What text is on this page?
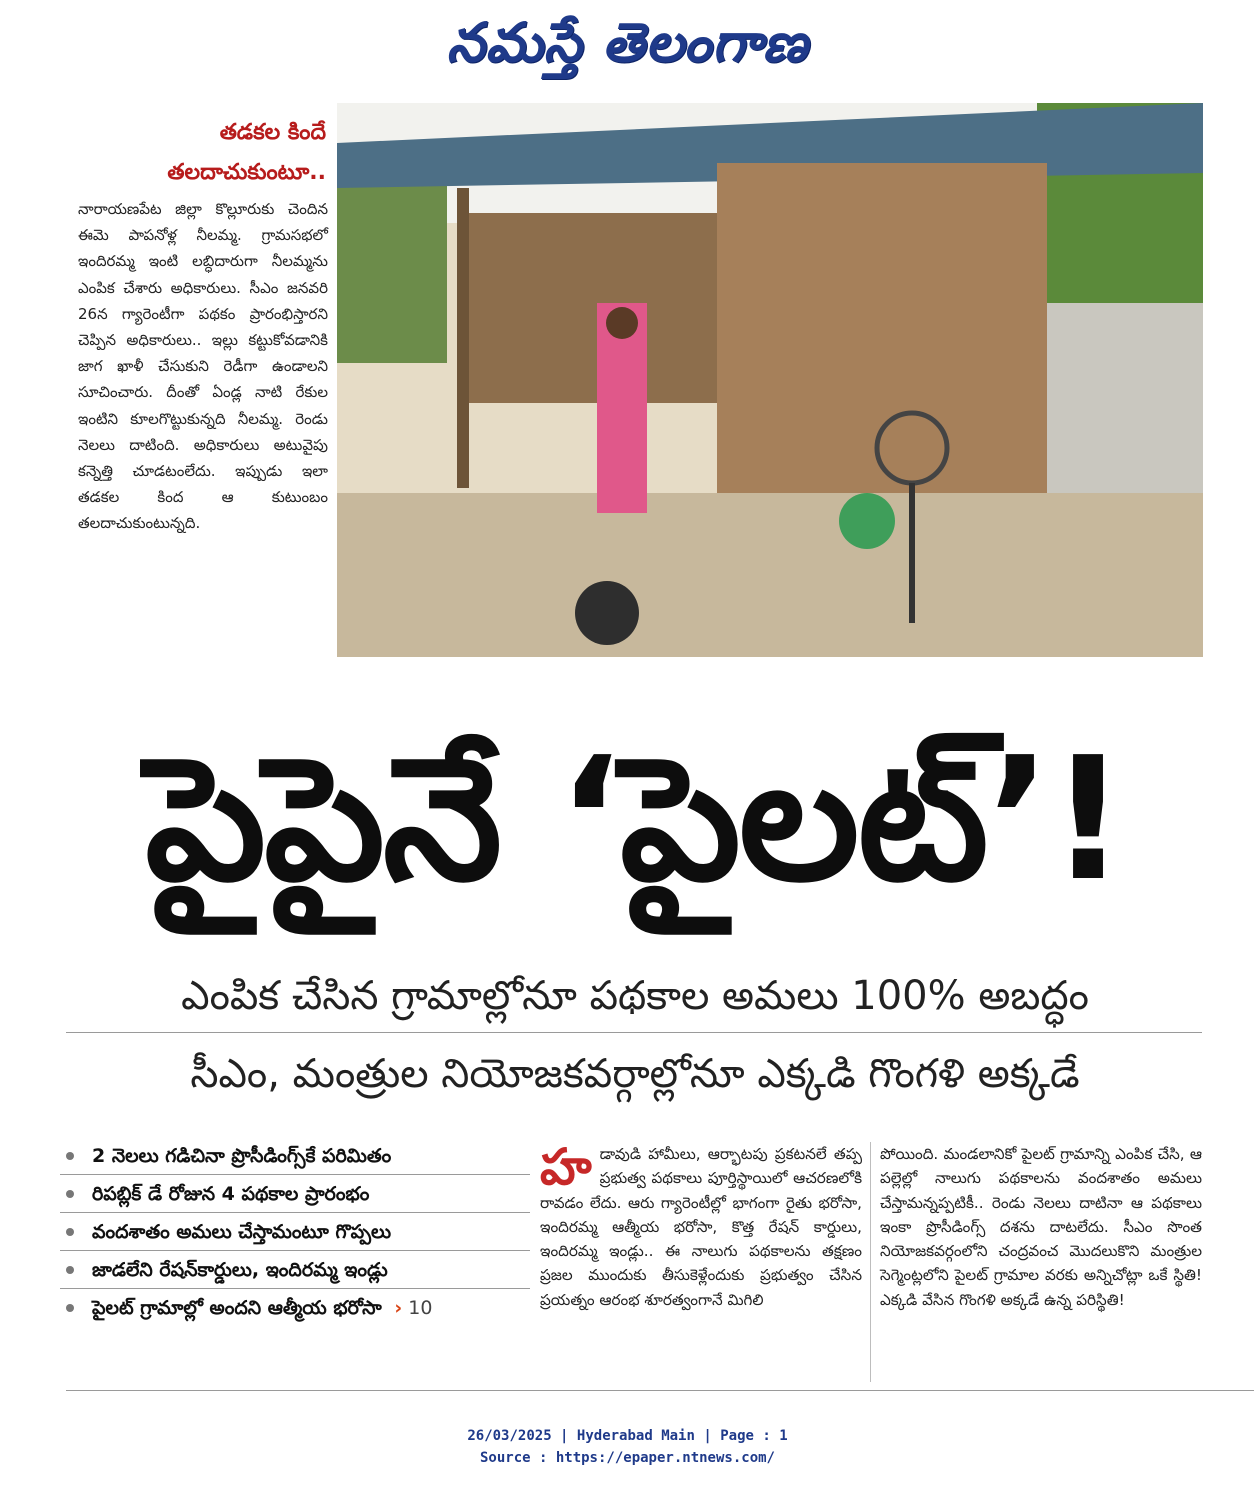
నమస్తే తెలంగాణ
తడకల కిందే
తలదాచుకుంటూ..
నారాయణపేట జిల్లా కొల్లూరుకు చెందిన ఈమె పాపనోళ్ల నీలమ్మ. గ్రామసభలో ఇందిరమ్మ ఇంటి లబ్ధిదారుగా నీలమ్మను ఎంపిక చేశారు అధికారులు. సీఎం జనవరి 26న గ్యారెంటీగా పథకం ప్రారంభిస్తారని చెప్పిన అధికారులు.. ఇల్లు కట్టుకోవడానికి జాగ ఖాళీ చేసుకుని రెడీగా ఉండాలని సూచించారు. దీంతో ఏండ్ల నాటి రేకుల ఇంటిని కూలగొట్టుకున్నది నీలమ్మ. రెండు నెలలు దాటింది. అధికారులు అటువైపు కన్నెత్తి చూడటంలేదు. ఇప్పుడు ఇలా తడకల కింద ఆ కుటుంబం తలదాచుకుంటున్నది.
పైపైనే ‘పైలట్’!
ఎంపిక చేసిన గ్రామాల్లోనూ పథకాల అమలు 100% అబద్ధం
సీఎం, మంత్రుల నియోజకవర్గాల్లోనూ ఎక్కడి గొంగళి అక్కడే
2 నెలలు గడిచినా ప్రొసీడింగ్స్‌కే పరిమితం
రిపబ్లిక్‌ డే రోజున 4 పథకాల ప్రారంభం
వందశాతం అమలు చేస్తామంటూ గొప్పలు
జాడలేని రేషన్‌కార్డులు, ఇందిరమ్మ ఇండ్లు
పైలట్‌ గ్రామాల్లో అందని ఆత్మీయ భరోసా › 10
హడావుడి హామీలు, ఆర్భాటపు ప్రకటనలే తప్ప ప్రభుత్వ పథకాలు పూర్తిస్థాయిలో ఆచరణలోకి రావడం లేదు. ఆరు గ్యారెంటీల్లో భాగంగా రైతు భరోసా, ఇందిరమ్మ ఆత్మీయ భరోసా, కొత్త రేషన్‌ కార్డులు, ఇందిరమ్మ ఇండ్లు.. ఈ నాలుగు పథకాలను తక్షణం ప్రజల ముందుకు తీసుకెళ్లేందుకు ప్రభుత్వం చేసిన ప్రయత్నం ఆరంభ శూరత్వంగానే మిగిలి
పోయింది. మండలానికో పైలట్‌ గ్రామాన్ని ఎంపిక చేసి, ఆ పల్లెల్లో నాలుగు పథకాలను వందశాతం అమలు చేస్తామన్నప్పటికీ.. రెండు నెలలు దాటినా ఆ పథకాలు ఇంకా ప్రొసీడింగ్స్‌ దశను దాటలేదు. సీఎం సొంత నియోజకవర్గంలోని చంద్రవంచ మొదలుకొని మంత్రుల సెగ్మెంట్లలోని పైలట్‌ గ్రామాల వరకు అన్నిచోట్లా ఒకే స్థితి! ఎక్కడి వేసిన గొంగళి అక్కడే ఉన్న పరిస్థితి!
26/03/2025 | Hyderabad Main | Page : 1
Source : https://epaper.ntnews.com/
